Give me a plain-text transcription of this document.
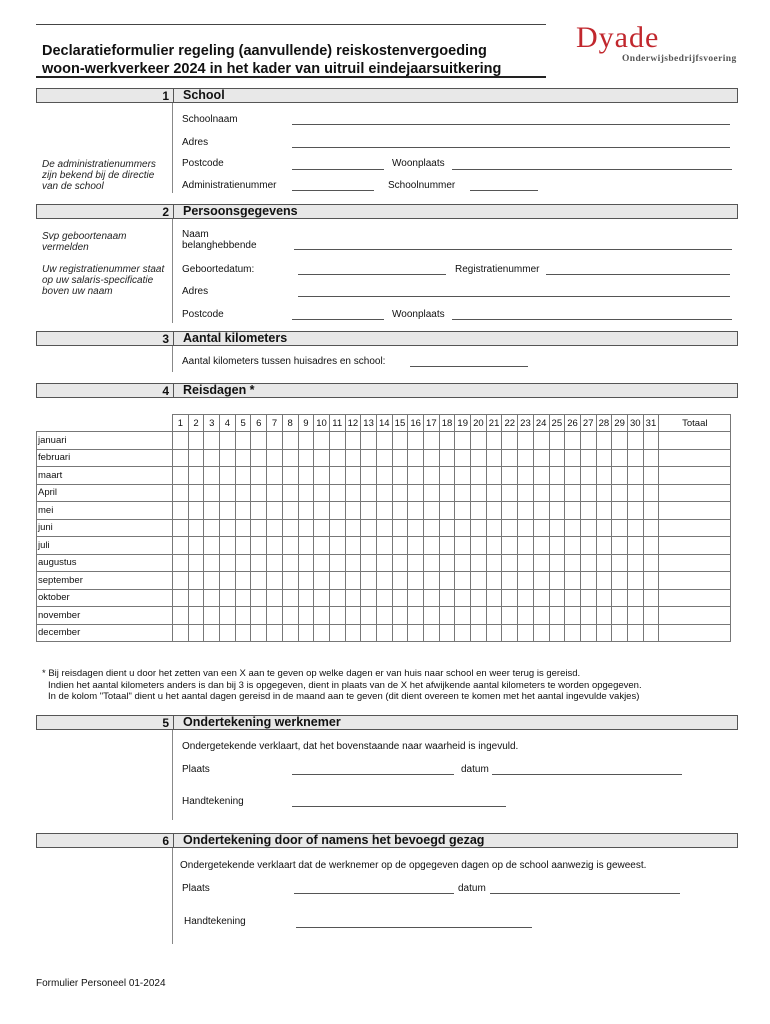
Declaratieformulier regeling (aanvullende) reiskostenvergoeding
woon-werkverkeer 2024 in het kader van uitruil eindejaarsuitkering
Dyade
Onderwijsbedrijfsvoering
1 School
Schoolnaam
Adres
De administratienummers zijn bekend bij de directie van de school
Postcode	Woonplaats
Administratienummer	Schoolnummer
2 Persoonsgegevens
Svp geboortenaam vermelden
Naam
belanghebbende
Uw registratienummer staat op uw salaris-specificatie boven uw naam
Geboortedatum:	Registratienummer
Adres
Postcode	Woonplaats
3 Aantal kilometers
Aantal kilometers tussen huisadres en school:
4 Reisdagen *
	1	2	3	4	5	6	7	8	9	10	11	12	13	14	15	16	17	18	19	20	21	22	23	24	25	26	27	28	29	30	31	Totaal
januari																																
februari																																
maart																																
April																																
mei																																
juni																																
juli																																
augustus																																
september																																
oktober																																
november																																
december																																
* Bij reisdagen dient u door het zetten van een X aan te geven op welke dagen er van huis naar school en weer terug is gereisd.
Indien het aantal kilometers anders is dan bij 3 is opgegeven, dient in plaats van de X het afwijkende aantal kilometers te worden opgegeven.
In de kolom "Totaal" dient u het aantal dagen gereisd in de maand aan te geven (dit dient overeen te komen met het aantal ingevulde vakjes)
5 Ondertekening werknemer
Ondergetekende verklaart, dat het bovenstaande naar waarheid is ingevuld.
Plaats	datum
Handtekening
6 Ondertekening door of namens het bevoegd gezag
Ondergetekende verklaart dat de werknemer op de opgegeven dagen op de school aanwezig is geweest.
Plaats	datum
Handtekening
Formulier Personeel 01-2024
